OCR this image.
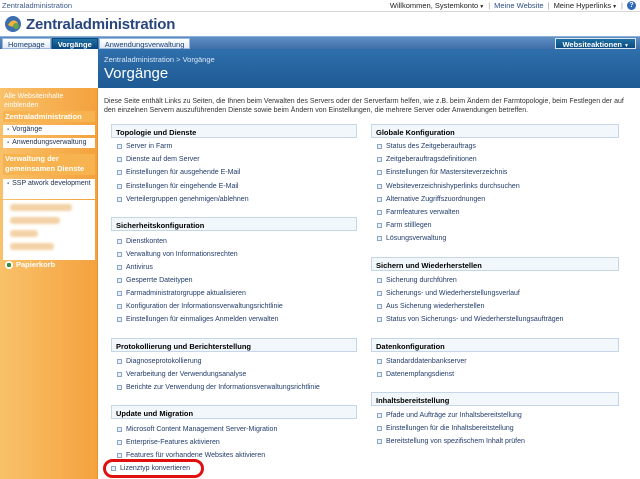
Zentraladministration	Willkommen, Systemkonto▼ | Meine Website | Meine Hyperlinks▼ | ?
Zentraladministration
Homepage	Vorgänge	Anwendungsverwaltung	Websiteaktionen ▼
Zentraladministration > Vorgänge
Vorgänge
Alle Websiteinhalte einblenden
Zentraladministration
▪ Vorgänge
▪ Anwendungsverwaltung
Verwaltung der gemeinsamen Dienste
▪ SSP atwork development
Papierkorb
Diese Seite enthält Links zu Seiten, die Ihnen beim Verwalten des Servers oder der Serverfarm helfen, wie z.B. beim Ändern der Farmtopologie, beim Festlegen der auf den einzelnen Servern auszuführenden Dienste sowie beim Ändern von Einstellungen, die mehrere Server oder Anwendungen betreffen.
Topologie und Dienste
Server in Farm
Dienste auf dem Server
Einstellungen für ausgehende E-Mail
Einstellungen für eingehende E-Mail
Verteilergruppen genehmigen/ablehnen
Sicherheitskonfiguration
Dienstkonten
Verwaltung von Informationsrechten
Antivirus
Gesperrte Dateitypen
Farmadministratorgruppe aktualisieren
Konfiguration der Informationsverwaltungsrichtlinie
Einstellungen für einmaliges Anmelden verwalten
Protokollierung und Berichterstellung
Diagnoseprotokollierung
Verarbeitung der Verwendungsanalyse
Berichte zur Verwendung der Informationsverwaltungsrichtlinie
Update und Migration
Microsoft Content Management Server-Migration
Enterprise-Features aktivieren
Features für vorhandene Websites aktivieren
Lizenztyp konvertieren
Globale Konfiguration
Status des Zeitgeberauftrags
Zeitgeberauftragsdefinitionen
Einstellungen für Mastersiteverzeichnis
Websiteverzeichnishyperlinks durchsuchen
Alternative Zugriffszuordnungen
Farmfeatures verwalten
Farm stilllegen
Lösungsverwaltung
Sichern und Wiederherstellen
Sicherung durchführen
Sicherungs- und Wiederherstellungsverlauf
Aus Sicherung wiederherstellen
Status von Sicherungs- und Wiederherstellungsaufträgen
Datenkonfiguration
Standarddatenbankserver
Datenempfangsdienst
Inhaltsbereitstellung
Pfade und Aufträge zur Inhaltsbereitstellung
Einstellungen für die Inhaltsbereitstellung
Bereitstellung von spezifischem Inhalt prüfen
